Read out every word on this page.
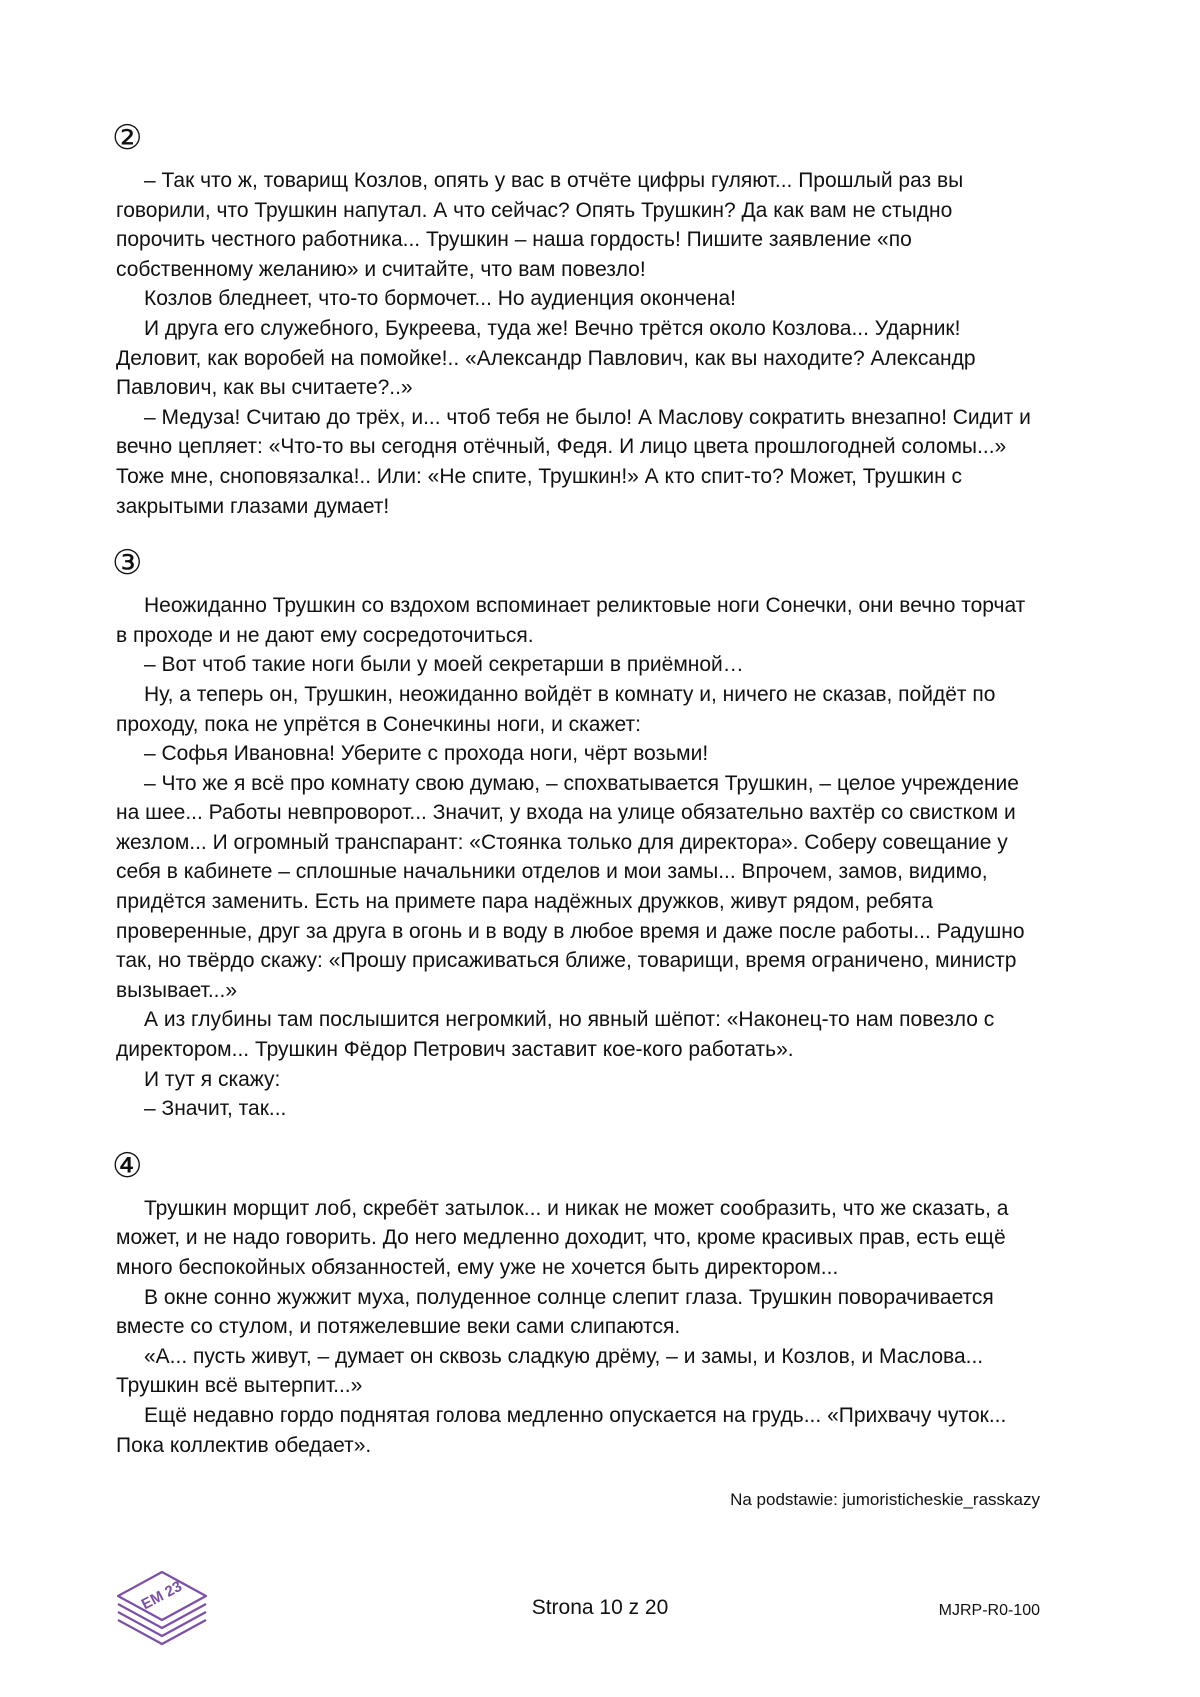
②

– Так что ж, товарищ Козлов, опять у вас в отчёте цифры гуляют... Прошлый раз вы говорили, что Трушкин напутал. А что сейчас? Опять Трушкин? Да как вам не стыдно порочить честного работника... Трушкин – наша гордость! Пишите заявление «по собственному желанию» и считайте, что вам повезло!

Козлов бледнеет, что-то бормочет... Но аудиенция окончена!

И друга его служебного, Букреева, туда же! Вечно трётся около Козлова... Ударник! Деловит, как воробей на помойке!.. «Александр Павлович, как вы находите? Александр Павлович, как вы считаете?..»

– Медуза! Считаю до трёх, и... чтоб тебя не было! А Маслову сократить внезапно! Сидит и вечно цепляет: «Что-то вы сегодня отёчный, Федя. И лицо цвета прошлогодней соломы...» Тоже мне, сноповязалка!.. Или: «Не спите, Трушкин!» А кто спит-то? Может, Трушкин с закрытыми глазами думает!

③

Неожиданно Трушкин со вздохом вспоминает реликтовые ноги Сонечки, они вечно торчат в проходе и не дают ему сосредоточиться.

– Вот чтоб такие ноги были у моей секретарши в приёмной…

Ну, а теперь он, Трушкин, неожиданно войдёт в комнату и, ничего не сказав, пойдёт по проходу, пока не упрётся в Сонечкины ноги, и скажет:

– Софья Ивановна! Уберите с прохода ноги, чёрт возьми!

– Что же я всё про комнату свою думаю, – спохватывается Трушкин, – целое учреждение на шее... Работы невпроворот... Значит, у входа на улице обязательно вахтёр со свистком и жезлом... И огромный транспарант: «Стоянка только для директора». Соберу совещание у себя в кабинете – сплошные начальники отделов и мои замы... Впрочем, замов, видимо, придётся заменить. Есть на примете пара надёжных дружков, живут рядом, ребята проверенные, друг за друга в огонь и в воду в любое время и даже после работы... Радушно так, но твёрдо скажу: «Прошу присаживаться ближе, товарищи, время ограничено, министр вызывает...»

А из глубины там послышится негромкий, но явный шёпот: «Наконец-то нам повезло с директором... Трушкин Фёдор Петрович заставит кое-кого работать».

И тут я скажу:

– Значит, так...

④

Трушкин морщит лоб, скребёт затылок... и никак не может сообразить, что же сказать, а может, и не надо говорить. До него медленно доходит, что, кроме красивых прав, есть ещё много беспокойных обязанностей, ему уже не хочется быть директором...

В окне сонно жужжит муха, полуденное солнце слепит глаза. Трушкин поворачивается вместе со стулом, и потяжелевшие веки сами слипаются.

«А... пусть живут, – думает он сквозь сладкую дрёму, – и замы, и Козлов, и Маслова... Трушкин всё вытерпит...»

Ещё недавно гордо поднятая голова медленно опускается на грудь... «Прихвачу чуток... Пока коллектив обедает».

Na podstawie: jumoristicheskie_rasskazy
EM 23	Strona 10 z 20	MJRP-R0-100
